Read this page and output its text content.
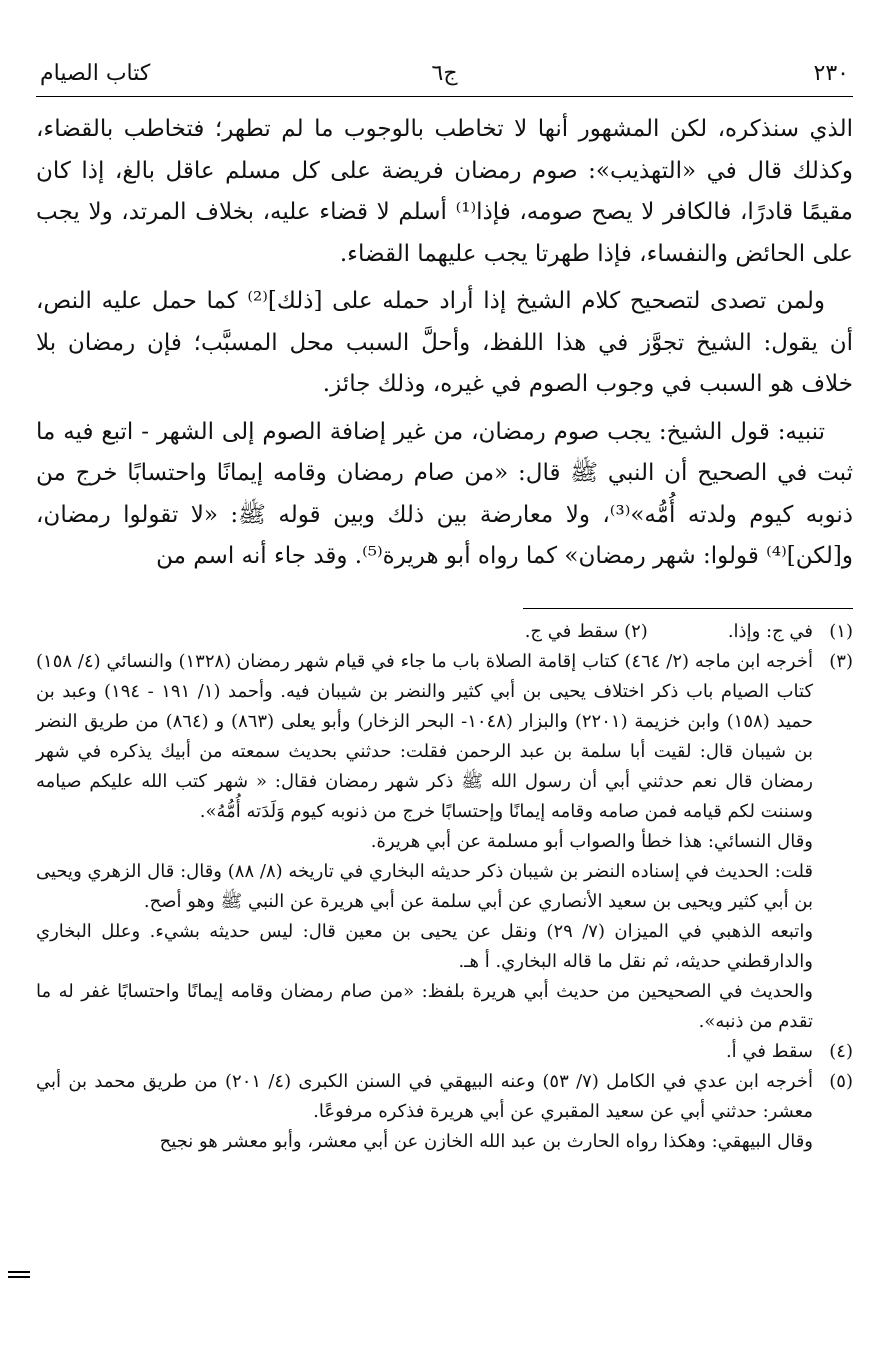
٢٣٠
ج٦
كتاب الصيام

الذي سنذكره، لكن المشهور أنها لا تخاطب بالوجوب ما لم تطهر؛ فتخاطب بالقضاء، وكذلك قال في «التهذيب»: صوم رمضان فريضة على كل مسلم عاقل بالغ، إذا كان مقيمًا قادرًا، فالكافر لا يصح صومه، فإذا⁽¹⁾ أسلم لا قضاء عليه، بخلاف المرتد، ولا يجب على الحائض والنفساء، فإذا طهرتا يجب عليهما القضاء.

ولمن تصدى لتصحيح كلام الشيخ إذا أراد حمله على [ذلك]⁽²⁾ كما حمل عليه النص، أن يقول: الشيخ تجوَّز في هذا اللفظ، وأحلَّ السبب محل المسبَّب؛ فإن رمضان بلا خلاف هو السبب في وجوب الصوم في غيره، وذلك جائز.

تنبيه: قول الشيخ: يجب صوم رمضان، من غير إضافة الصوم إلى الشهر - اتبع فيه ما ثبت في الصحيح أن النبي ﷺ قال: «من صام رمضان وقامه إيمانًا واحتسابًا خرج من ذنوبه كيوم ولدته أُمُّه»⁽³⁾، ولا معارضة بين ذلك وبين قوله ﷺ: «لا تقولوا رمضان، و[لكن]⁽⁴⁾ قولوا: شهر رمضان» كما رواه أبو هريرة⁽⁵⁾. وقد جاء أنه اسم من

(١)
في ج: وإذا.
(٢) سقط في ج.
(٣)
أخرجه ابن ماجه (٢/ ٤٦٤) كتاب إقامة الصلاة باب ما جاء في قيام شهر رمضان (١٣٢٨) والنسائي (٤/ ١٥٨) كتاب الصيام باب ذكر اختلاف يحيى بن أبي كثير والنضر بن شيبان فيه. وأحمد (١/ ١٩١ - ١٩٤) وعبد بن حميد (١٥٨) وابن خزيمة (٢٢٠١) والبزار (١٠٤٨- البحر الزخار) وأبو يعلى (٨٦٣) و (٨٦٤) من طريق النضر بن شيبان قال: لقيت أبا سلمة بن عبد الرحمن فقلت: حدثني بحديث سمعته من أبيك يذكره في شهر رمضان قال نعم حدثني أبي أن رسول الله ﷺ ذكر شهر رمضان فقال: « شهر كتب الله عليكم صيامه وسننت لكم قيامه فمن صامه وقامه إيمانًا وإحتسابًا خرج من ذنوبه كيوم وَلَدَته أُمُّهُ».
وقال النسائي: هذا خطأ والصواب أبو مسلمة عن أبي هريرة.
قلت: الحديث في إسناده النضر بن شيبان ذكر حديثه البخاري في تاريخه (٨/ ٨٨) وقال: قال الزهري ويحيى بن أبي كثير ويحيى بن سعيد الأنصاري عن أبي سلمة عن أبي هريرة عن النبي ﷺ وهو أصح.
واتبعه الذهبي في الميزان (٧/ ٢٩) ونقل عن يحيى بن معين قال: ليس حديثه بشيء. وعلل البخاري والدارقطني حديثه، ثم نقل ما قاله البخاري. أ هـ.
والحديث في الصحيحين من حديث أبي هريرة بلفظ: «من صام رمضان وقامه إيمانًا واحتسابًا غفر له ما تقدم من ذنبه».
(٤)
سقط في أ.
(٥)
أخرجه ابن عدي في الكامل (٧/ ٥٣) وعنه البيهقي في السنن الكبرى (٤/ ٢٠١) من طريق محمد بن أبي معشر: حدثني أبي عن سعيد المقبري عن أبي هريرة فذكره مرفوعًا.
وقال البيهقي: وهكذا رواه الحارث بن عبد الله الخازن عن أبي معشر، وأبو معشر هو نجيح
